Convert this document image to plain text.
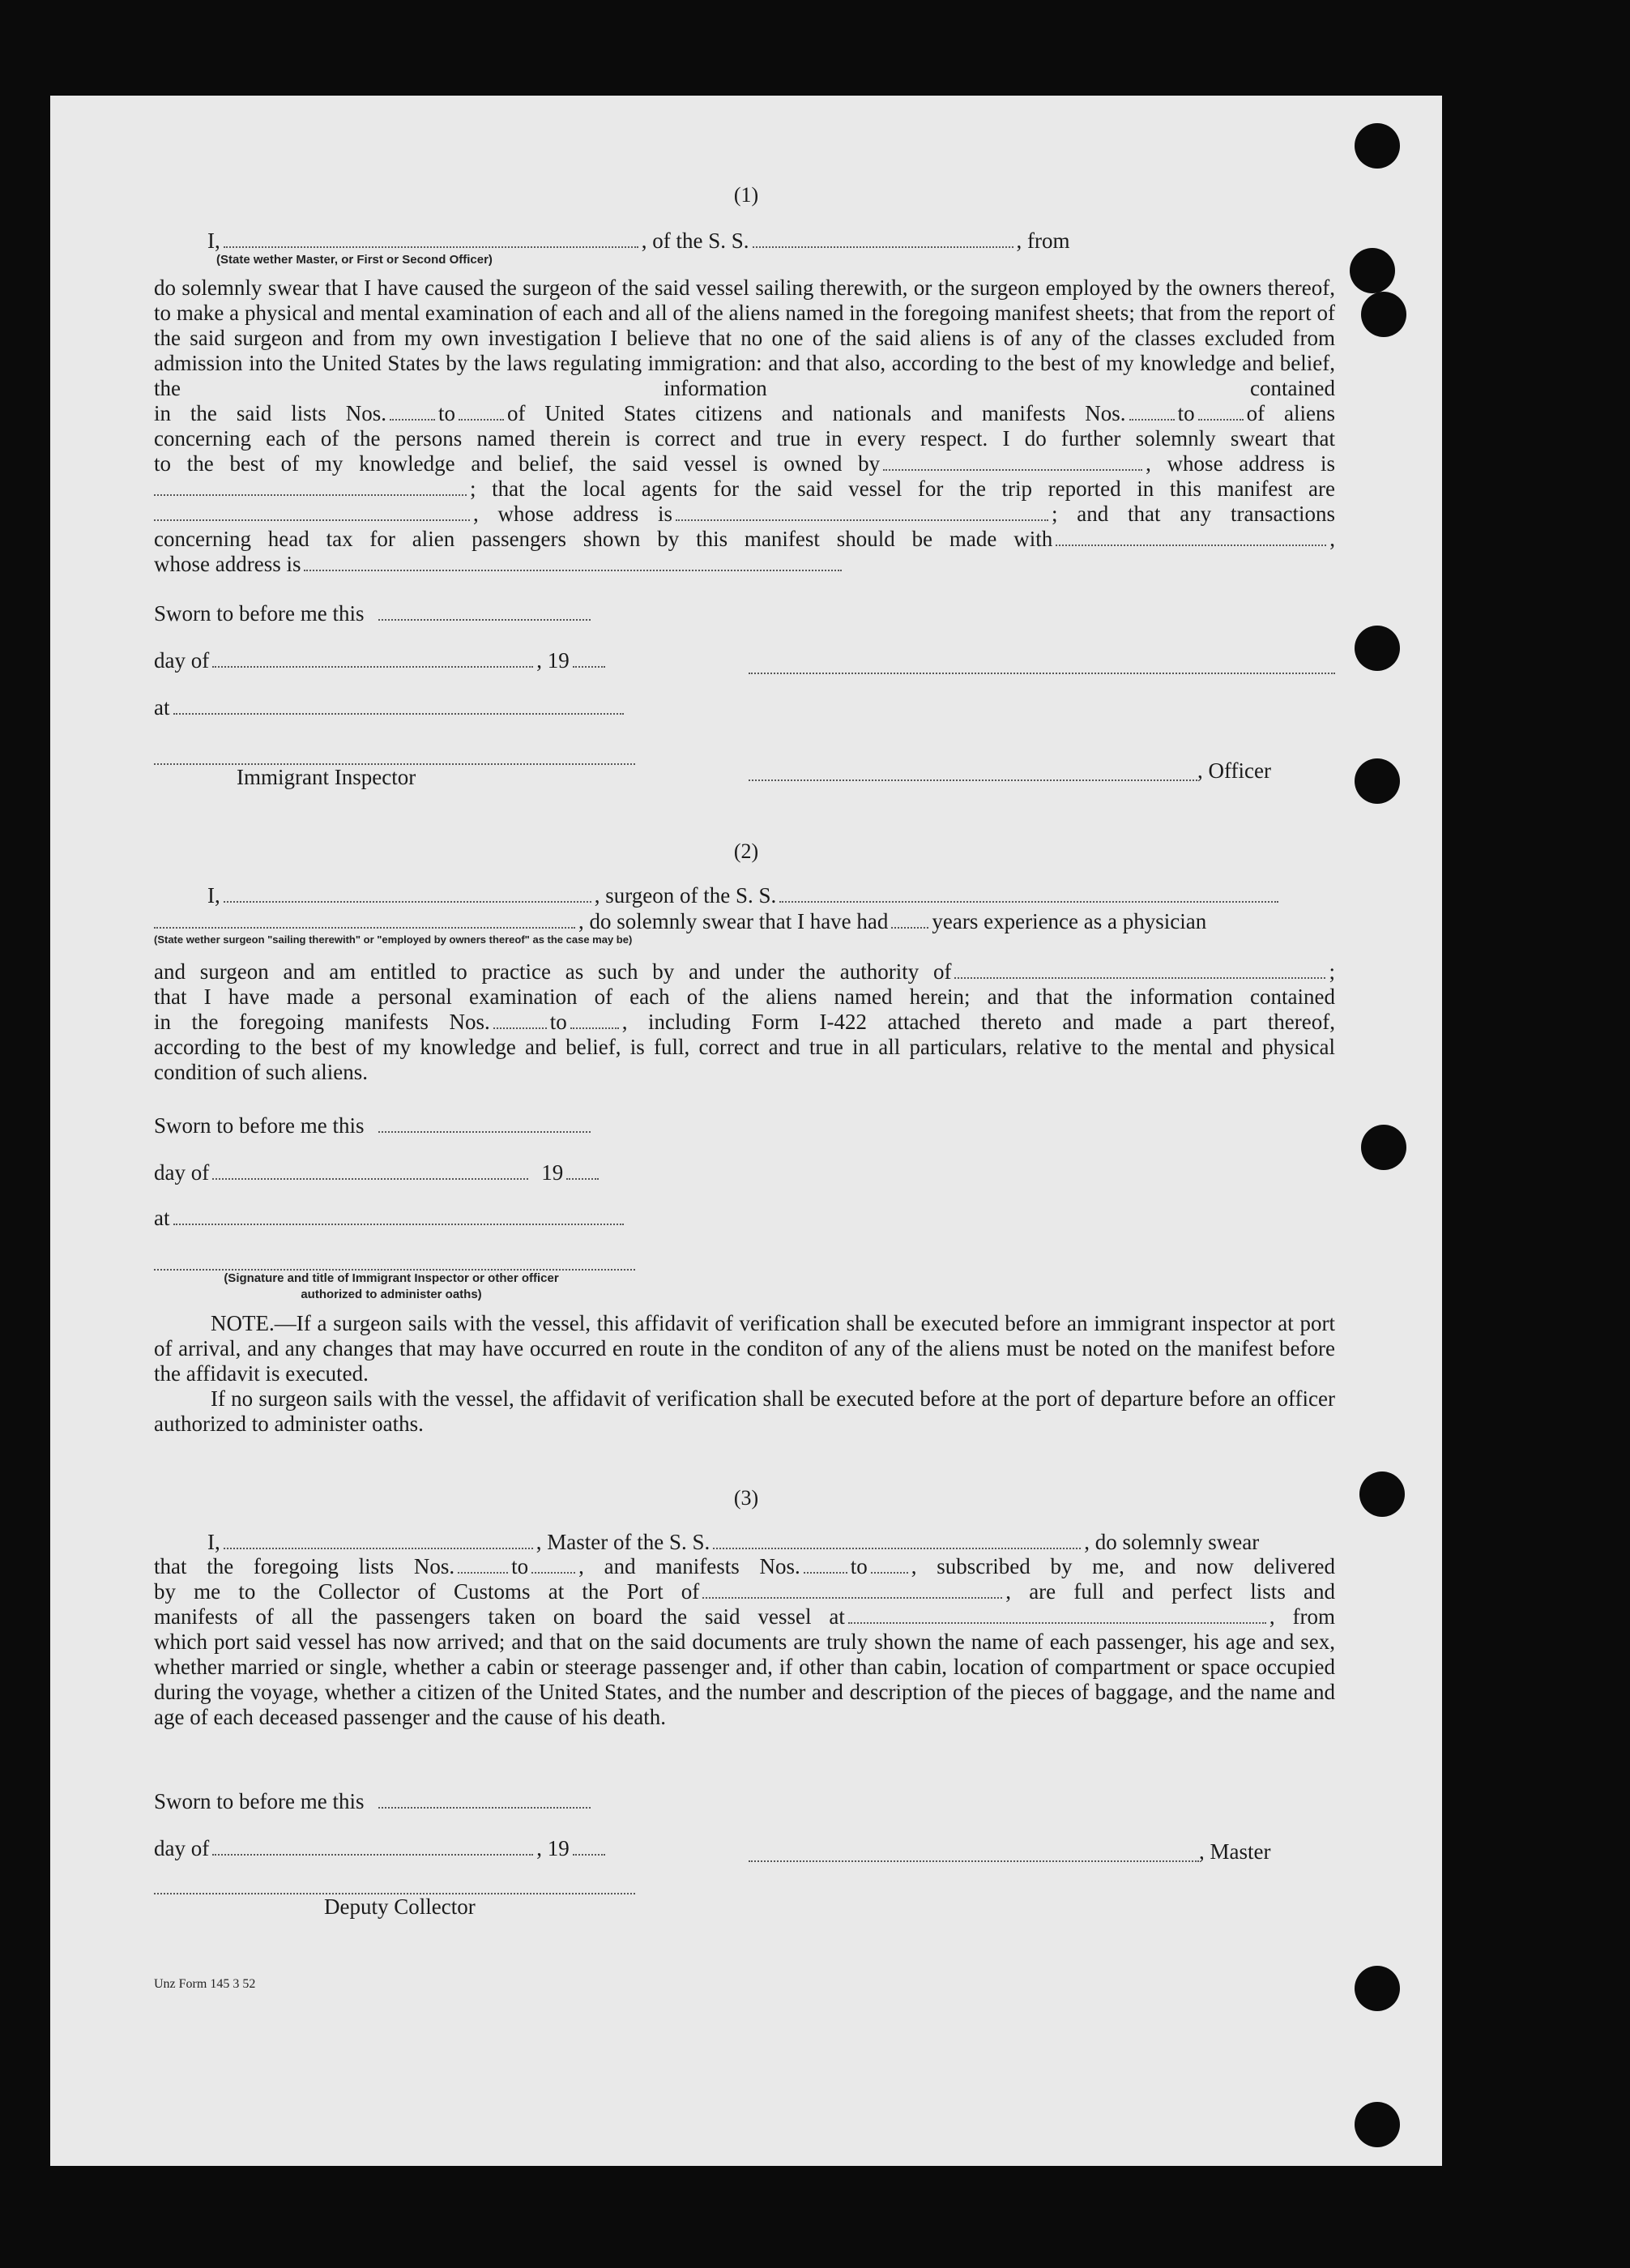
(1)
I,	, of the S. S.	, from
(State wether Master, or First or Second Officer)

do solemnly swear that I have caused the surgeon of the said vessel sailing therewith, or the surgeon employed by the owners thereof, to make a physical and mental examination of each and all of the aliens named in the foregoing manifest sheets; that from the report of the said surgeon and from my own investigation I believe that no one of the said aliens is of any of the classes excluded from admission into the United States by the laws regulating immigration: and that also, according to the best of my knowledge and belief, the information contained

in the said lists Nos. to of United States citizens and nationals and manifests Nos. to of aliens

concerning each of the persons named therein is correct and true in every respect. I do further solemnly sweart that

to the best of my knowledge and belief, the said vessel is owned by	, whose address is
; that the local agents for the said vessel for the trip reported in this manifest are
, whose address is	; and that any transactions
concerning head tax for alien passengers shown by this manifest should be made with	,
whose address is
Sworn to before me this
day of	, 19
at
Immigrant Inspector	, Officer
(2)
I,	, surgeon of the S. S.
, do solemnly swear that I have had years experience as a physician
(State wether surgeon "sailing therewith" or "employed by owners thereof" as the case may be)
and surgeon and am entitled to practice as such by and under the authority of	;

that I have made a personal examination of each of the aliens named herein; and that the information contained

in the foregoing manifests Nos.	to	, including Form I-422 attached thereto and made a part thereof,

according to the best of my knowledge and belief, is full, correct and true in all particulars, relative to the mental and physical condition of such aliens.

Sworn to before me this
day of	19
at
(Signature and title of Immigrant Inspector or other officer authorized to administer oaths)

NOTE.—If a surgeon sails with the vessel, this affidavit of verification shall be executed before an immigrant inspector at port of arrival, and any changes that may have occurred en route in the conditon of any of the aliens must be noted on the manifest before the affidavit is executed.

If no surgeon sails with the vessel, the affidavit of verification shall be executed before at the port of departure before an officer authorized to administer oaths.

(3)
I,	, Master of the S. S.	, do solemnly swear
that the foregoing lists Nos.	to , and manifests Nos. to , subscribed by me, and now delivered
by me to the Collector of Customs at the Port of	, are full and perfect lists and
manifests of all the passengers taken on board the said vessel at	, from

which port said vessel has now arrived; and that on the said documents are truly shown the name of each passenger, his age and sex, whether married or single, whether a cabin or steerage passenger and, if other than cabin, location of compartment or space occupied during the voyage, whether a citizen of the United States, and the number and description of the pieces of baggage, and the name and age of each deceased passenger and the cause of his death.

Sworn to before me this
day of	, 19	, Master
Deputy Collector
Unz Form 145 3 52
